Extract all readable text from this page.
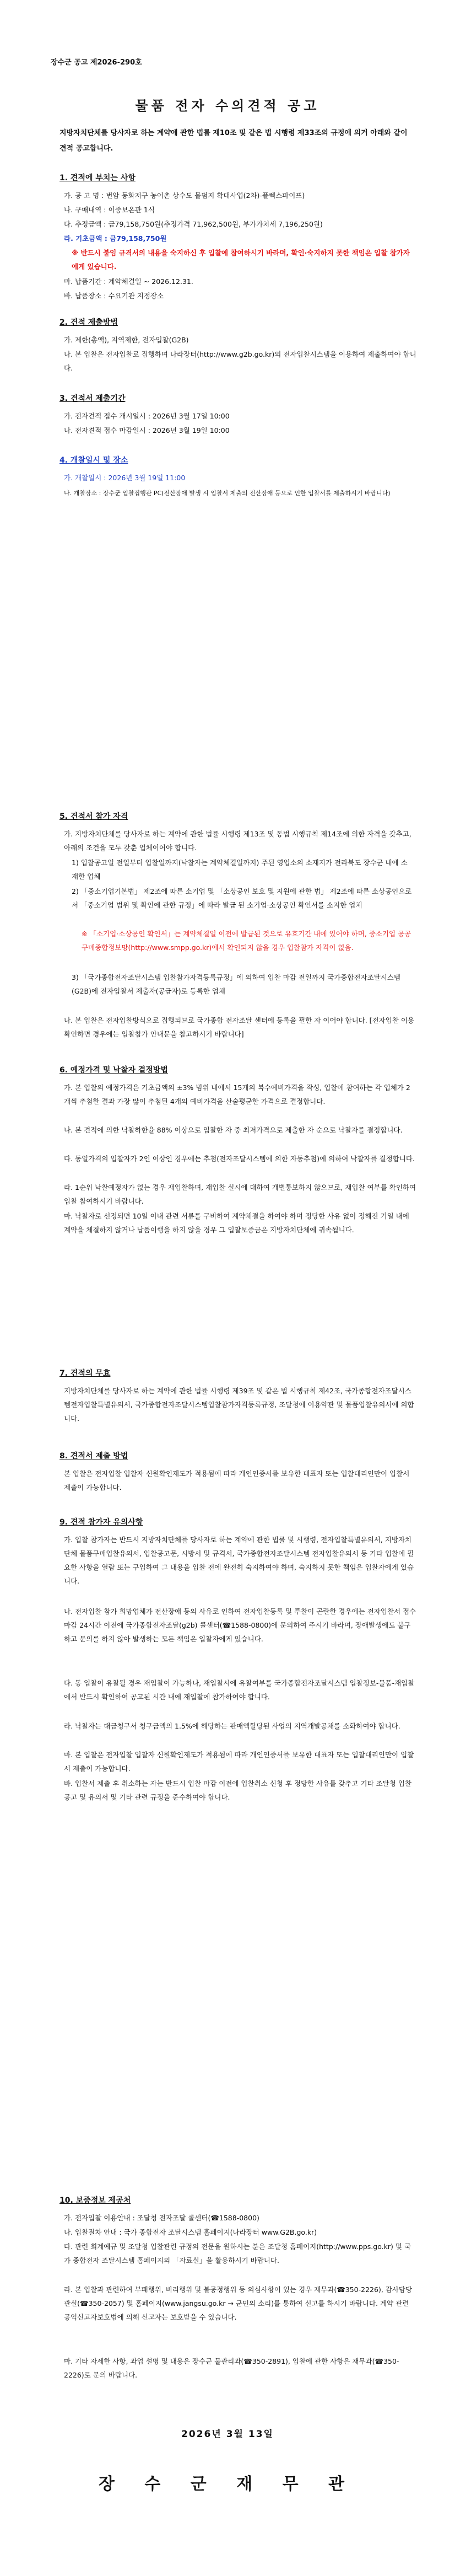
장수군 공고 제2026-290호
물품 전자 수의견적 공고
지방자치단체를 당사자로 하는 계약에 관한 법률 제10조 및 같은 법 시행령 제33조의 규정에 의거 아래와 같이 견적 공고합니다.
1. 견적에 부치는 사항
가. 공 고 명 : 번암 동화저구 농어촌 상수도 물펌지 확대사업(2차)-플렉스파이프)
나. 구매내역 : 이중보온관 1식
다. 추정금액 : 금79,158,750원(추정가격 71,962,500원, 부가가치세 7,196,250원)
라. 기초금액 : 금79,158,750원
※ 반드시 붙임 규격서의 내용을 숙지하신 후 입찰에 참여하시기 바라며, 확인·숙지하지 못한 책임은 입찰 참가자에게 있습니다.
마. 납품기간 : 계약체결일 ~ 2026.12.31.
바. 납품장소 : 수요기관 지정장소
2. 견적 제출방법
가. 제한(총액), 지역제한, 전자입찰(G2B)
나. 본 입찰은 전자입찰로 집행하며 나라장터(http://www.g2b.go.kr)의 전자입찰시스템을 이용하여 제출하여야 합니다.
3. 견적서 제출기간
가. 전자견적 접수 개시일시 : 2026년 3월 17일 10:00
나. 전자견적 접수 마감일시 : 2026년 3월 19일 10:00
4. 개찰일시 및 장소
가. 개찰일시 : 2026년 3월 19일 11:00
나. 개찰장소 : 장수군 입찰집행관 PC(전산장애 발생 시 입찰서 제출의 전산장애 등으로 인한 입찰서를 제출하시기 바랍니다)
5. 견적서 참가 자격
가. 지방자치단체를 당사자로 하는 계약에 관한 법률 시행령 제13조 및 동법 시행규칙 제14조에 의한 자격을 갖추고, 아래의 조건을 모두 갖춘 업체이어야 합니다.
1) 입찰공고일 전일부터 입찰일까지(낙찰자는 계약체결일까지) 주된 영업소의 소재지가 전라북도 장수군 내에 소재한 업체
2) 「중소기업기본법」 제2조에 따른 소기업 및 「소상공인 보호 및 지원에 관한 법」 제2조에 따른 소상공인으로서 「중소기업 범위 및 확인에 관한 규정」에 따라 발급 된 소기업·소상공인 확인서를 소지한 업체
※ 「소기업·소상공인 확인서」는 계약체결일 이전에 발급된 것으로 유효기간 내에 있어야 하며, 중소기업 공공구매종합정보망(http://www.smpp.go.kr)에서 확인되지 않을 경우 입찰참가 자격이 없음.
3) 「국가종합전자조달시스템 입찰참가자격등록규정」에 의하여 입찰 마감 전일까지 국가종합전자조달시스템(G2B)에 전자입찰서 제출자(공급자)로 등록한 업체
나. 본 입찰은 전자입찰방식으로 집행되므로 국가종합 전자조달 센터에 등록을 필한 자 이어야 합니다. [전자입찰 이용확인하면 경우에는 입찰참가 안내문을 참고하시기 바랍니다]
6. 예정가격 및 낙찰자 결정방법
가. 본 입찰의 예정가격은 기초금액의 ±3% 범위 내에서 15개의 복수예비가격을 작성, 입찰에 참여하는 각 업체가 2개씩 추첨한 결과 가장 많이 추첨된 4개의 예비가격을 산술평균한 가격으로 결정합니다.
나. 본 견적에 의한 낙찰하한율 88% 이상으로 입찰한 자 중 최저가격으로 제출한 자 순으로 낙찰자를 결정합니다.
다. 동일가격의 입찰자가 2인 이상인 경우에는 추첨(전자조달시스템에 의한 자동추첨)에 의하여 낙찰자를 결정합니다.
라. 1순위 낙찰예정자가 없는 경우 재입찰하며, 재입찰 실시에 대하여 개별통보하지 않으므로, 재입찰 여부를 확인하여 입찰 참여하시기 바랍니다.
마. 낙찰자로 선정되면 10일 이내 관련 서류를 구비하여 계약체결을 하여야 하며 정당한 사유 없이 정해진 기일 내에 계약을 체결하지 않거나 납품이행을 하지 않을 경우 그 입찰보증금은 지방자치단체에 귀속됩니다.
7. 견적의 무효
지방자치단체를 당사자로 하는 계약에 관한 법률 시행령 제39조 및 같은 법 시행규칙 제42조, 국가종합전자조달시스템전자입찰특별유의서, 국가종합전자조달시스템입찰참가자격등록규정, 조달청에 이용약관 및 물품입찰유의서에 의합니다.
8. 견적서 제출 방법
본 입찰은 전자입찰 입찰자 신원확인제도가 적용됨에 따라 개인인증서를 보유한 대표자 또는 입찰대리인만이 입찰서 제출이 가능합니다.
9. 견적 참가자 유의사항
가. 입찰 참가자는 반드시 지방자치단체를 당사자로 하는 계약에 관한 법률 및 시행령, 전자입찰특별유의서, 지방자치단체 물품구매입찰유의서, 입찰공고문, 시방서 및 규격서, 국가종합전자조달시스템 전자입찰유의서 등 기타 입찰에 필요한 사항을 열람 또는 구입하여 그 내용을 입찰 전에 완전히 숙지하여야 하며, 숙지하지 못한 책임은 입찰자에게 있습니다.
나. 전자입찰 참가 희망업체가 전산장애 등의 사유로 인하여 전자입찰등록 및 투찰이 곤란한 경우에는 전자입찰서 접수마감 24시간 이전에 국가종합전자조달(g2b) 콜센터(☎1588-0800)에 문의하여 주시기 바라며, 장애발생에도 불구하고 문의를 하지 않아 발생하는 모든 책임은 입찰자에게 있습니다.
다. 동 입찰이 유찰될 경우 재입찰이 가능하나, 재입찰시에 유찰여부를 국가종합전자조달시스템 입찰정보-물품-재입찰에서 반드시 확인하여 공고된 시간 내에 재입찰에 참가하여야 합니다.
라. 낙찰자는 대금청구서 청구금액의 1.5%에 해당하는 판매액할당된 사업의 지역개발공채를 소화하여야 합니다.
마. 본 입찰은 전자입찰 입찰자 신원확인제도가 적용됨에 따라 개인인증서를 보유한 대표자 또는 입찰대리인만이 입찰서 제출이 가능합니다.
바. 입찰서 제출 후 취소하는 자는 반드시 입찰 마감 이전에 입찰취소 신청 후 정당한 사유를 갖추고 기타 조달청 입찰공고 및 유의서 및 기타 관련 규정을 준수하여야 합니다.
10. 보증정보 제공처
가. 전자입찰 이용안내 : 조달청 전자조달 콜센터(☎1588-0800)
나. 입찰절차 안내 : 국가 종합전자 조달시스템 홈페이지(나라장터 www.G2B.go.kr)
다. 관련 회계예규 및 조달청 입찰관련 규정의 전문을 원하시는 분은 조달청 홈페이지(http://www.pps.go.kr) 및 국가 종합전자 조달시스템 홈페이지의 「자료실」을 활용하시기 바랍니다.
라. 본 입찰과 관련하여 부패행위, 비리행위 및 불공정행위 등 의심사항이 있는 경우 재무과(☎350-2226), 감사담당관실(☎350-2057) 및 홈페이지(www.jangsu.go.kr → 군민의 소리)를 통하여 신고를 하시기 바랍니다. 계약 관련 공익신고자보호법에 의해 신고자는 보호받을 수 있습니다.
마. 기타 자세한 사항, 과업 설명 및 내용은 장수군 물관리과(☎350-2891), 입찰에 관한 사항은 재무과(☎350-2226)로 문의 바랍니다.
2026년 3월 13일
장 수 군 재 무 관
